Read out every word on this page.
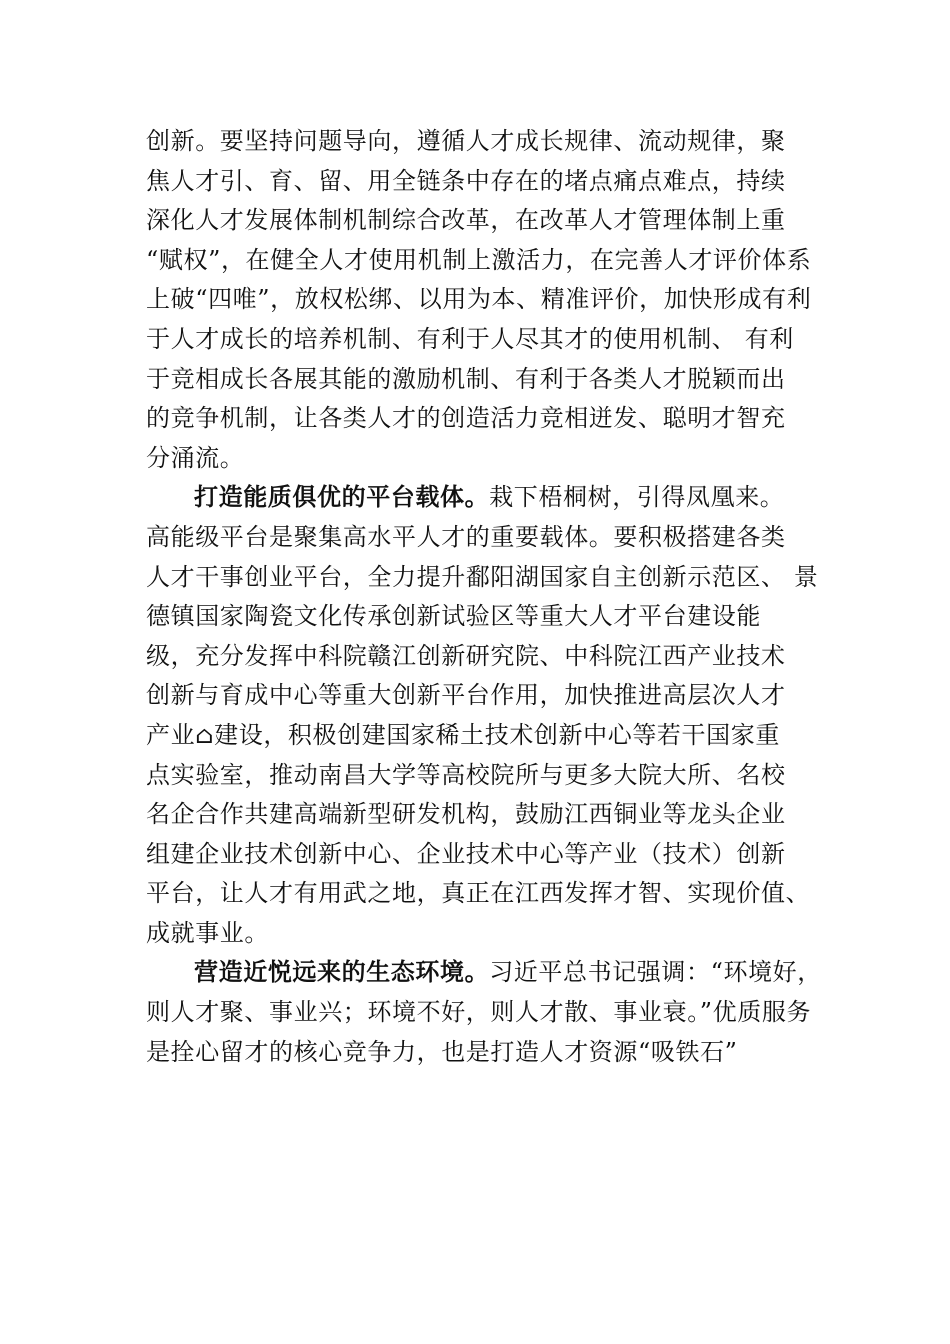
创新。要坚持问题导向，遵循人才成长规律、流动规律，聚
焦人才引、育、留、用全链条中存在的堵点痛点难点，持续
深化人才发展体制机制综合改革，在改革人才管理体制上重
“赋权”，在健全人才使用机制上激活力，在完善人才评价体系
上破“四唯”，放权松绑、以用为本、精准评价，加快形成有利
于人才成长的培养机制、有利于人尽其才的使用机制、 有利
于竞相成长各展其能的激励机制、有利于各类人才脱颖而出
的竞争机制，让各类人才的创造活力竞相迸发、聪明才智充
分涌流。
打造能质俱优的平台载体。栽下梧桐树，引得凤凰来。
高能级平台是聚集高水平人才的重要载体。要积极搭建各类
人才干事创业平台，全力提升鄱阳湖国家自主创新示范区、 景
德镇国家陶瓷文化传承创新试验区等重大人才平台建设能
级，充分发挥中科院赣江创新研究院、中科院江西产业技术
创新与育成中心等重大创新平台作用，加快推进高层次人才
产业⌂建设，积极创建国家稀土技术创新中心等若干国家重
点实验室，推动南昌大学等高校院所与更多大院大所、名校
名企合作共建高端新型研发机构，鼓励江西铜业等龙头企业
组建企业技术创新中心、企业技术中心等产业（技术）创新
平台，让人才有用武之地，真正在江西发挥才智、实现价值、
成就事业。
营造近悦远来的生态环境。习近平总书记强调：“环境好，
则人才聚、事业兴；环境不好，则人才散、事业衰。”优质服务
是拴心留才的核心竞争力，也是打造人才资源“吸铁石”
